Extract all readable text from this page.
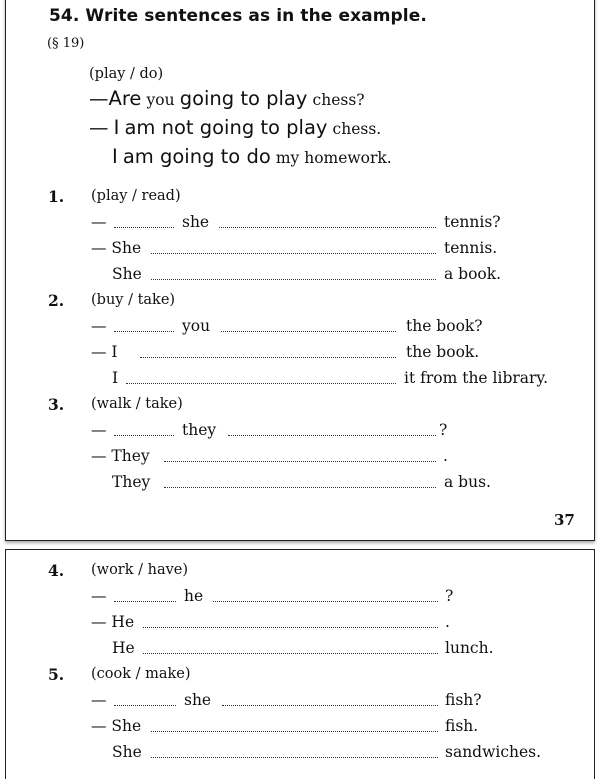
54. Write sentences as in the example.
(§ 19)
(play / do)
—Are you going to play chess?
— I am not going to play chess.
I am going to do my homework.
1. (play / read)
—	she	tennis?
— She	tennis.
She	a book.
2. (buy / take)
—	you	the book?
— I	the book.
I	it from the library.
3. (walk / take)
—	they	?
— They	.
They	a bus.
37
4. (work / have)
—	he	?
— He	.
He	lunch.
5. (cook / make)
—	she	fish?
— She	fish.
She	sandwiches.
